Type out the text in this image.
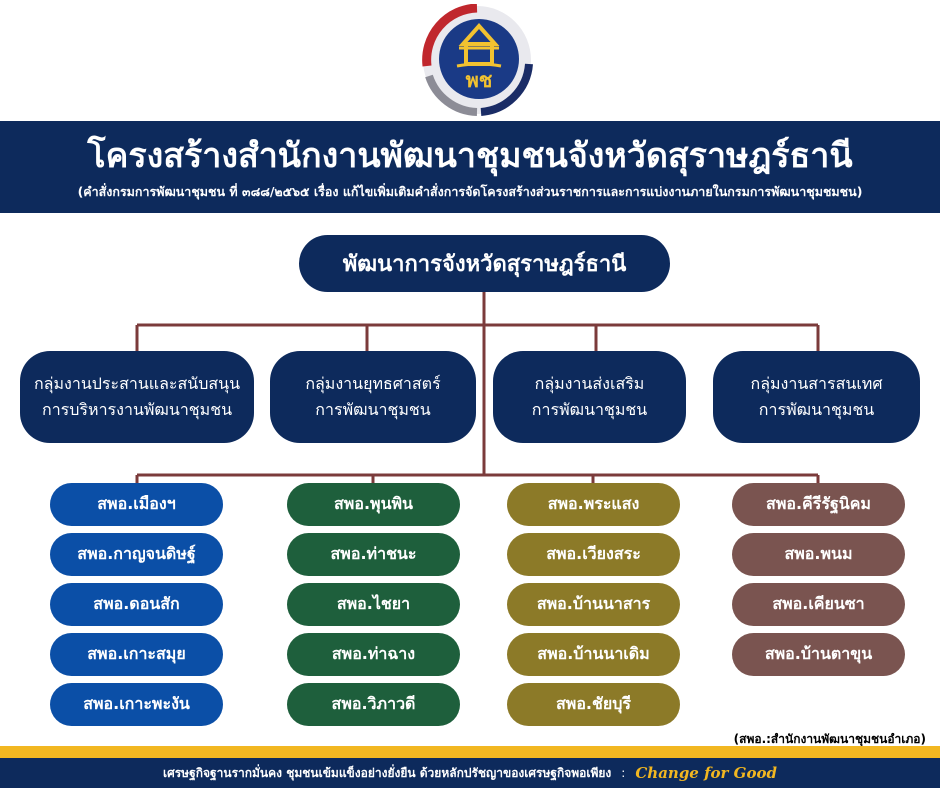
พช
โครงสร้างสำนักงานพัฒนาชุมชนจังหวัดสุราษฎร์ธานี
(คำสั่งกรมการพัฒนาชุมชน ที่ ๓๘๘/๒๕๖๕ เรื่อง แก้ไขเพิ่มเติมคำสั่งการจัดโครงสร้างส่วนราชการและการแบ่งงานภายในกรมการพัฒนาชุมชมชน)
พัฒนาการจังหวัดสุราษฎร์ธานี
กลุ่มงานประสานและสนับสนุน
การบริหารงานพัฒนาชุมชน
กลุ่มงานยุทธศาสตร์
การพัฒนาชุมชน
กลุ่มงานส่งเสริม
การพัฒนาชุมชน
กลุ่มงานสารสนเทศ
การพัฒนาชุมชน
สพอ.เมืองฯ
สพอ.กาญจนดิษฐ์
สพอ.ดอนสัก
สพอ.เกาะสมุย
สพอ.เกาะพะงัน
สพอ.พุนพิน
สพอ.ท่าชนะ
สพอ.ไชยา
สพอ.ท่าฉาง
สพอ.วิภาวดี
สพอ.พระแสง
สพอ.เวียงสระ
สพอ.บ้านนาสาร
สพอ.บ้านนาเดิม
สพอ.ชัยบุรี
สพอ.คีรีรัฐนิคม
สพอ.พนม
สพอ.เคียนซา
สพอ.บ้านตาขุน
(สพอ.:สำนักงานพัฒนาชุมชนอำเภอ)
เศรษฐกิจฐานรากมั่นคง ชุมชนเข้มแข็งอย่างยั่งยืน ด้วยหลักปรัชญาของเศรษฐกิจพอเพียง : Change for Good
